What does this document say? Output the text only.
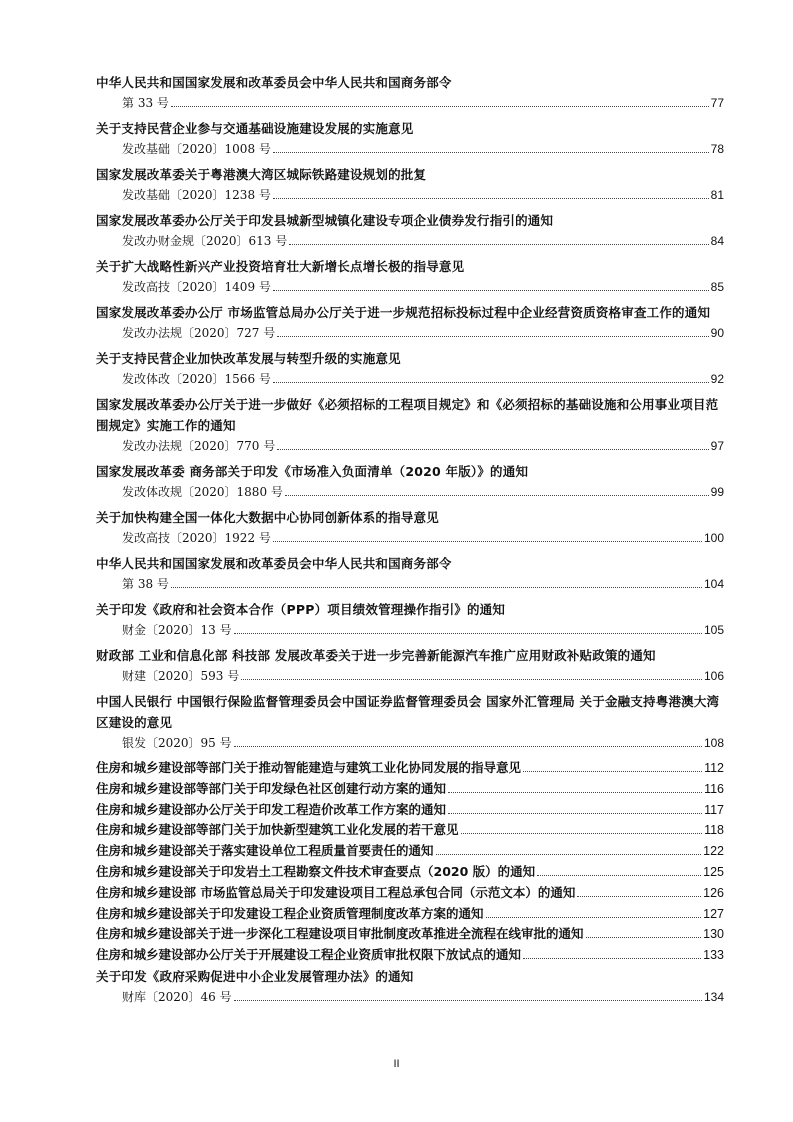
中华人民共和国国家发展和改革委员会中华人民共和国商务部令
第 33 号	77
关于支持民营企业参与交通基础设施建设发展的实施意见
发改基础〔2020〕1008 号	78
国家发展改革委关于粤港澳大湾区城际铁路建设规划的批复
发改基础〔2020〕1238 号	81
国家发展改革委办公厅关于印发县城新型城镇化建设专项企业债券发行指引的通知
发改办财金规〔2020〕613 号	84
关于扩大战略性新兴产业投资培育壮大新增长点增长极的指导意见
发改高技〔2020〕1409 号	85
国家发展改革委办公厅 市场监管总局办公厅关于进一步规范招标投标过程中企业经营资质资格审查工作的通知
发改办法规〔2020〕727 号	90
关于支持民营企业加快改革发展与转型升级的实施意见
发改体改〔2020〕1566 号	92
国家发展改革委办公厅关于进一步做好《必须招标的工程项目规定》和《必须招标的基础设施和公用事业项目范围规定》实施工作的通知
发改办法规〔2020〕770 号	97
国家发展改革委 商务部关于印发《市场准入负面清单（2020 年版）》的通知
发改体改规〔2020〕1880 号	99
关于加快构建全国一体化大数据中心协同创新体系的指导意见
发改高技〔2020〕1922 号	100
中华人民共和国国家发展和改革委员会中华人民共和国商务部令
第 38 号	104
关于印发《政府和社会资本合作（PPP）项目绩效管理操作指引》的通知
财金〔2020〕13 号	105
财政部 工业和信息化部 科技部 发展改革委关于进一步完善新能源汽车推广应用财政补贴政策的通知
财建〔2020〕593 号	106
中国人民银行 中国银行保险监督管理委员会中国证券监督管理委员会 国家外汇管理局 关于金融支持粤港澳大湾区建设的意见
银发〔2020〕95 号	108
住房和城乡建设部等部门关于推动智能建造与建筑工业化协同发展的指导意见	112
住房和城乡建设部等部门关于印发绿色社区创建行动方案的通知	116
住房和城乡建设部办公厅关于印发工程造价改革工作方案的通知	117
住房和城乡建设部等部门关于加快新型建筑工业化发展的若干意见	118
住房和城乡建设部关于落实建设单位工程质量首要责任的通知	122
住房和城乡建设部关于印发岩土工程勘察文件技术审查要点（2020 版）的通知	125
住房和城乡建设部 市场监管总局关于印发建设项目工程总承包合同（示范文本）的通知	126
住房和城乡建设部关于印发建设工程企业资质管理制度改革方案的通知	127
住房和城乡建设部关于进一步深化工程建设项目审批制度改革推进全流程在线审批的通知	130
住房和城乡建设部办公厅关于开展建设工程企业资质审批权限下放试点的通知	133
关于印发《政府采购促进中小企业发展管理办法》的通知
财库〔2020〕46 号	134
II
